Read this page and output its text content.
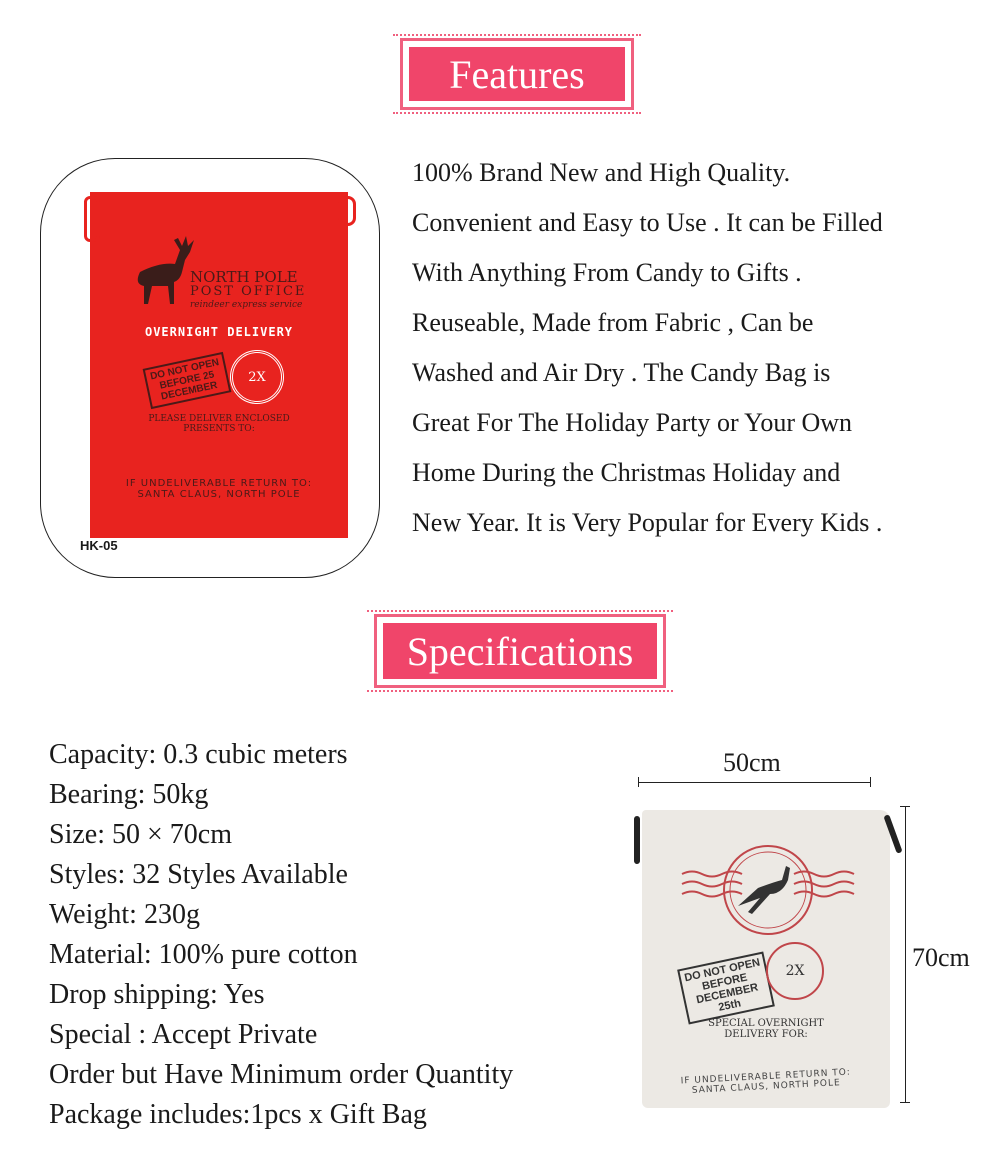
Features
NORTH POLE
POST OFFICE
reindeer express service
OVERNIGHT DELIVERY
DO NOT OPEN BEFORE 25 DECEMBER
2X
PLEASE DELIVER ENCLOSED PRESENTS TO:
IF UNDELIVERABLE RETURN TO: SANTA CLAUS, NORTH POLE
HK-05
100% Brand New and High Quality.
Convenient and Easy to Use . It can be Filled
With Anything From Candy to Gifts .
Reuseable, Made from Fabric , Can be
Washed and Air Dry . The Candy Bag is
Great For The Holiday Party or Your Own
Home During the Christmas Holiday and
New Year. It is Very Popular for Every Kids .
Specifications
Capacity: 0.3 cubic meters
Bearing: 50kg
Size: 50 × 70cm
Styles: 32 Styles Available
Weight: 230g
Material: 100% pure cotton
Drop shipping: Yes
Special : Accept Private
Order but Have Minimum order Quantity
Package includes:1pcs x Gift Bag
50cm
70cm
DO NOT OPEN BEFORE DECEMBER 25th
2X
SPECIAL OVERNIGHT DELIVERY FOR:
IF UNDELIVERABLE RETURN TO: SANTA CLAUS, NORTH POLE
